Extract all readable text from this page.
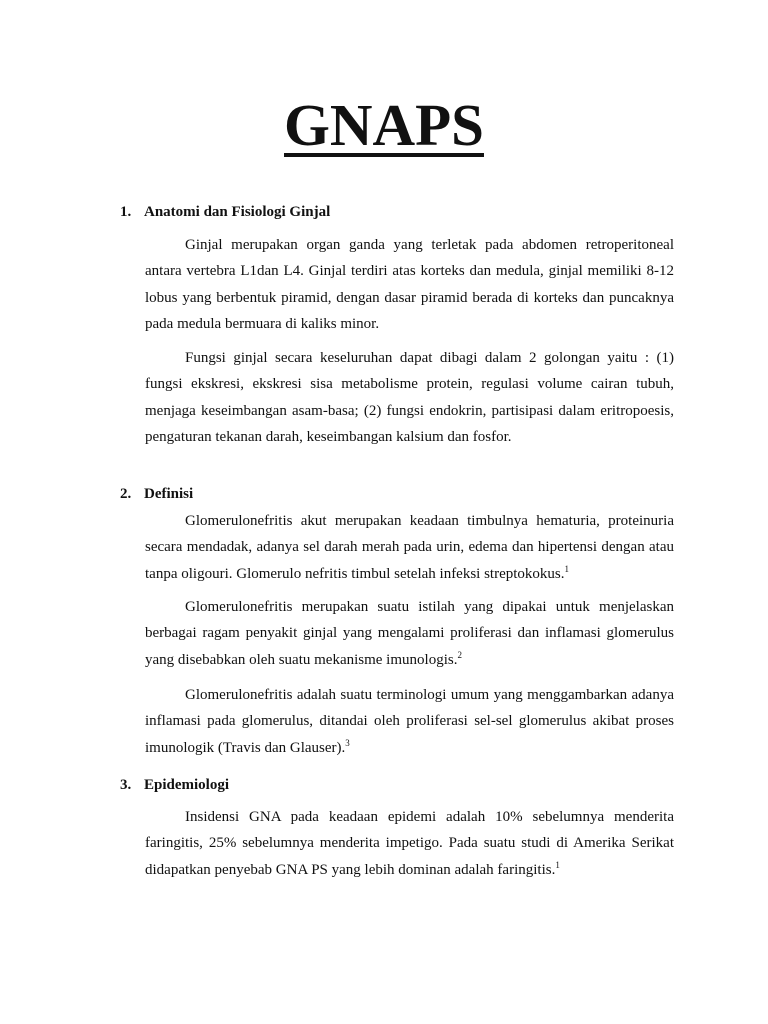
GNAPS
1. Anatomi dan Fisiologi Ginjal

Ginjal merupakan organ ganda yang terletak pada abdomen retroperitoneal antara vertebra L1dan L4. Ginjal terdiri atas korteks dan medula, ginjal memiliki 8-12 lobus yang berbentuk piramid, dengan dasar piramid berada di korteks dan puncaknya pada medula bermuara di kaliks minor.

Fungsi ginjal secara keseluruhan dapat dibagi dalam 2 golongan yaitu : (1) fungsi ekskresi, ekskresi sisa metabolisme protein, regulasi volume cairan tubuh, menjaga keseimbangan asam-basa; (2) fungsi endokrin, partisipasi dalam eritropoesis, pengaturan tekanan darah, keseimbangan kalsium dan fosfor.

2. Definisi

Glomerulonefritis akut merupakan keadaan timbulnya hematuria, proteinuria secara mendadak, adanya sel darah merah pada urin, edema dan hipertensi dengan atau tanpa oligouri. Glomerulo nefritis timbul setelah infeksi streptokokus.$^1$

Glomerulonefritis merupakan suatu istilah yang dipakai untuk menjelaskan berbagai ragam penyakit ginjal yang mengalami proliferasi dan inflamasi glomerulus yang disebabkan oleh suatu mekanisme imunologis.$^2$

Glomerulonefritis adalah suatu terminologi umum yang menggambarkan adanya inflamasi pada glomerulus, ditandai oleh proliferasi sel-sel glomerulus akibat proses imunologik (Travis dan Glauser).$^3$

3. Epidemiologi

Insidensi GNA pada keadaan epidemi adalah 10% sebelumnya menderita faringitis, 25% sebelumnya menderita impetigo. Pada suatu studi di Amerika Serikat didapatkan penyebab GNA PS yang lebih dominan adalah faringitis.$^1$
